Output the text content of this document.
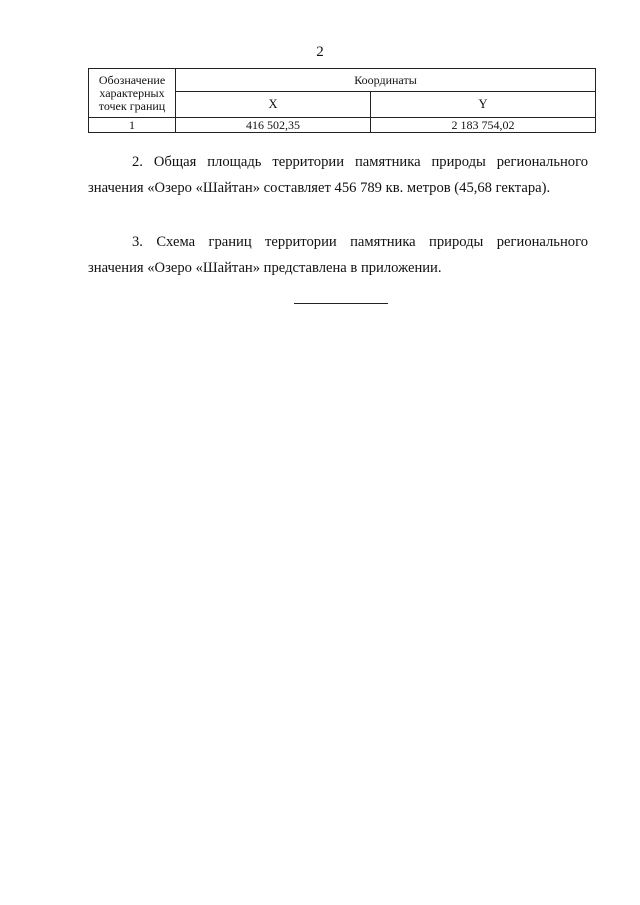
2
Обозначение характерных точек границ	Координаты	
	X	Y
1	416 502,35	2 183 754,02
2. Общая площадь территории памятника природы регионального
значения «Озеро «Шайтан» составляет 456 789 кв. метров (45,68 гектара).
3. Схема границ территории памятника природы регионального
значения «Озеро «Шайтан» представлена в приложении.
